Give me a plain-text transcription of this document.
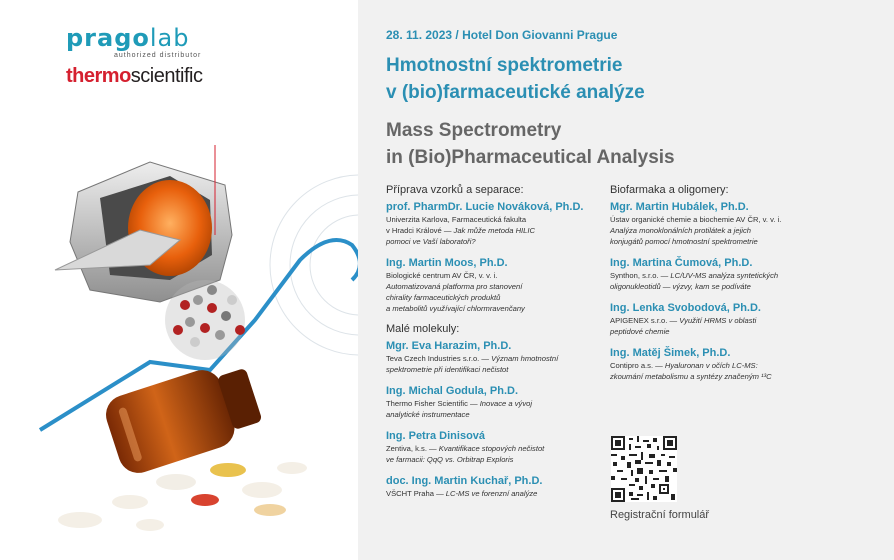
pragolab
authorized distributor
thermoscientific
28. 11. 2023 / Hotel Don Giovanni Prague
Hmotnostní spektrometrie
v (bio)farmaceutické analýze
Mass Spectrometry
in (Bio)Pharmaceutical Analysis
Příprava vzorků a separace:
prof. PharmDr. Lucie Nováková, Ph.D.
Univerzita Karlova, Farmaceutická fakulta
v Hradci Králové — Jak může metoda HILIC
pomoci ve Vaší laboratoři?
Ing. Martin Moos, Ph.D.
Biologické centrum AV ČR, v. v. i.
Automatizovaná platforma pro stanovení
chirality farmaceutických produktů
a metabolitů využívající chlormravenčany
Malé molekuly:
Mgr. Eva Harazim, Ph.D.
Teva Czech Industries s.r.o. — Význam hmotnostní
spektrometrie při identifikaci nečistot
Ing. Michal Godula, Ph.D.
Thermo Fisher Scientific — Inovace a vývoj
analytické instrumentace
Ing. Petra Dinisová
Zentiva, k.s. — Kvantifikace stopových nečistot
ve farmacii: QqQ vs. Orbitrap Exploris
doc. Ing. Martin Kuchař, Ph.D.
VŠCHT Praha — LC-MS ve forenzní analýze
Biofarmaka a oligomery:
Mgr. Martin Hubálek, Ph.D.
Ústav organické chemie a biochemie AV ČR, v. v. i.
Analýza monoklonálních protilátek a jejich
konjugátů pomocí hmotnostní spektrometrie
Ing. Martina Čumová, Ph.D.
Synthon, s.r.o. — LC/UV-MS analýza syntetických
oligonukleotidů — výzvy, kam se podíváte
Ing. Lenka Svobodová, Ph.D.
APIGENEX s.r.o. — Využití HRMS v oblasti
peptidové chemie
Ing. Matěj Šimek, Ph.D.
Contipro a.s. — Hyaluronan v očích LC-MS:
zkoumání metabolismu a syntézy značeným ¹³C
Registrační formulář
